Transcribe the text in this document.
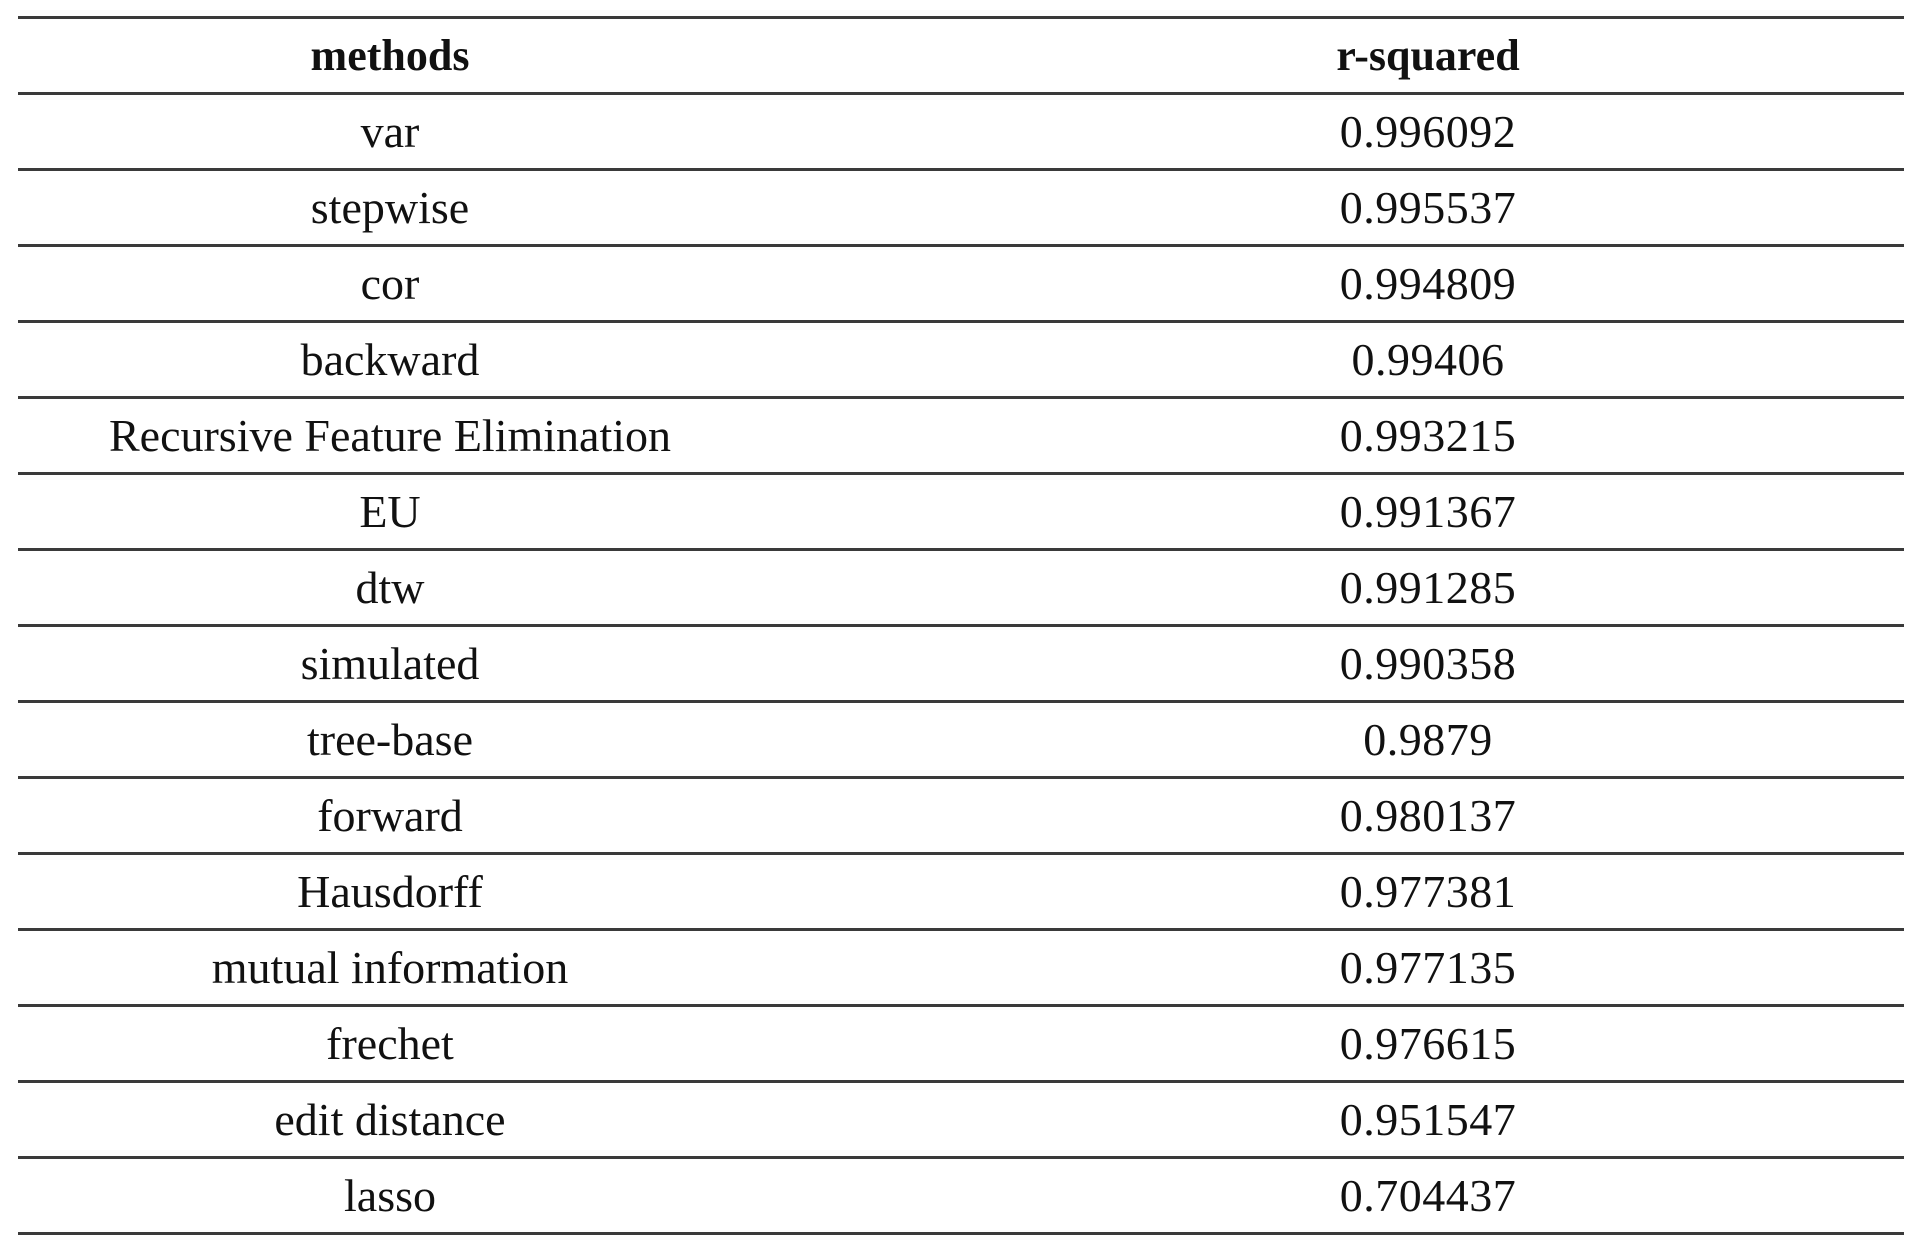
methods	r-squared
var	0.996092
stepwise	0.995537
cor	0.994809
backward	0.99406
Recursive Feature Elimination	0.993215
EU	0.991367
dtw	0.991285
simulated	0.990358
tree-base	0.9879
forward	0.980137
Hausdorff	0.977381
mutual information	0.977135
frechet	0.976615
edit distance	0.951547
lasso	0.704437
